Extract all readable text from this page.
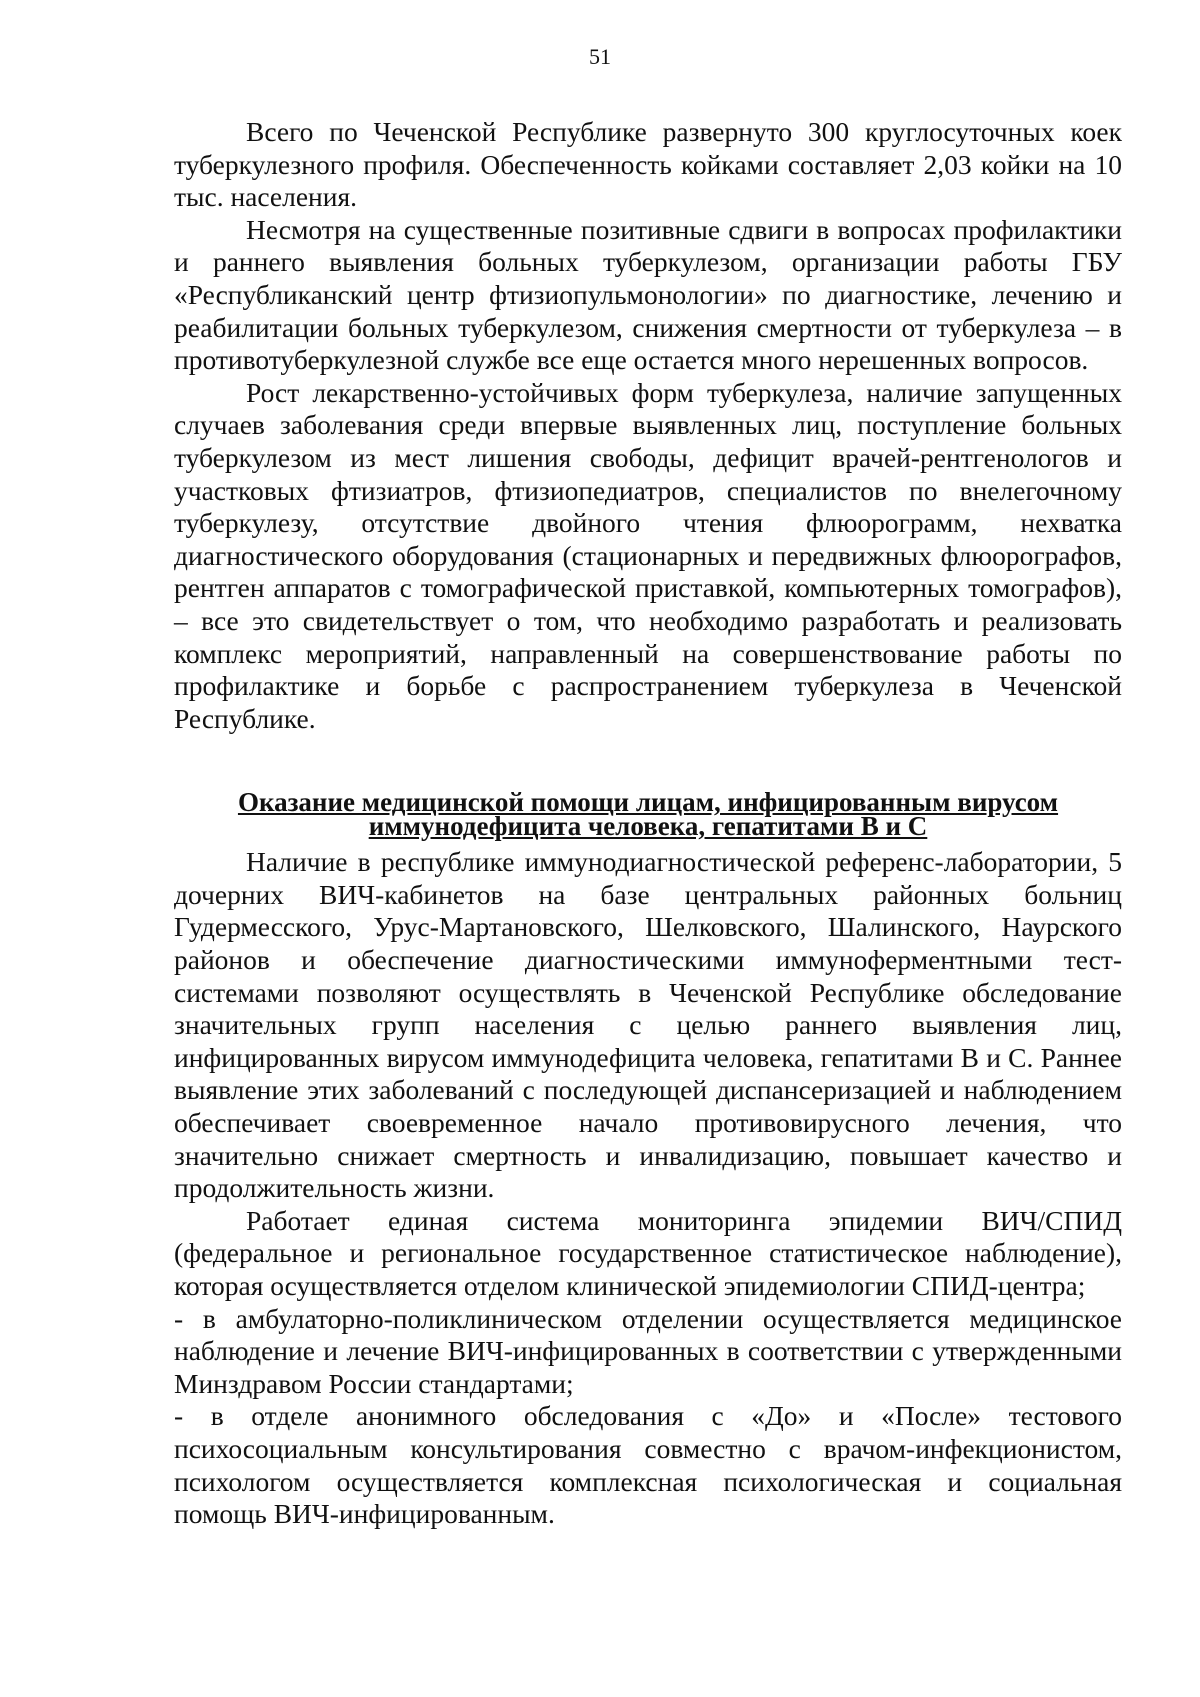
51

Всего по Чеченской Республике развернуто 300 круглосуточных коек туберкулезного профиля. Обеспеченность койками составляет 2,03 койки на 10 тыс. населения.

Несмотря на существенные позитивные сдвиги в вопросах профилактики и раннего выявления больных туберкулезом, организации работы ГБУ «Республиканский центр фтизиопульмонологии» по диагностике, лечению и реабилитации больных туберкулезом, снижения смертности от туберкулеза – в противотуберкулезной службе все еще остается много нерешенных вопросов.

Рост лекарственно-устойчивых форм туберкулеза, наличие запущенных случаев заболевания среди впервые выявленных лиц, поступление больных туберкулезом из мест лишения свободы, дефицит врачей-рентгенологов и участковых фтизиатров, фтизиопедиатров, специалистов по внелегочному туберкулезу, отсутствие двойного чтения флюорограмм, нехватка диагностического оборудования (стационарных и передвижных флюорографов, рентген аппаратов с томографической приставкой, компьютерных томографов), – все это свидетельствует о том, что необходимо разработать и реализовать комплекс мероприятий, направленный на совершенствование работы по профилактике и борьбе с распространением туберкулеза в Чеченской Республике.

Оказание медицинской помощи лицам, инфицированным вирусом
иммунодефицита человека, гепатитами В и С

Наличие в республике иммунодиагностической референс-лаборатории, 5 дочерних ВИЧ-кабинетов на базе центральных районных больниц Гудермесского, Урус-Мартановского, Шелковского, Шалинского, Наурского районов и обеспечение диагностическими иммуноферментными тест-системами позволяют осуществлять в Чеченской Республике обследование значительных групп населения с целью раннего выявления лиц, инфицированных вирусом иммунодефицита человека, гепатитами В и С. Раннее выявление этих заболеваний с последующей диспансеризацией и наблюдением обеспечивает своевременное начало противовирусного лечения, что значительно снижает смертность и инвалидизацию, повышает качество и продолжительность жизни.

Работает единая система мониторинга эпидемии ВИЧ/СПИД (федеральное и региональное государственное статистическое наблюдение), которая осуществляется отделом клинической эпидемиологии СПИД-центра;

- в амбулаторно-поликлиническом отделении осуществляется медицинское наблюдение и лечение ВИЧ-инфицированных в соответствии с утвержденными Минздравом России стандартами;

- в отделе анонимного обследования с «До» и «После» тестового психосоциальным консультирования совместно с врачом-инфекционистом, психологом осуществляется комплексная психологическая и социальная помощь ВИЧ-инфицированным.
